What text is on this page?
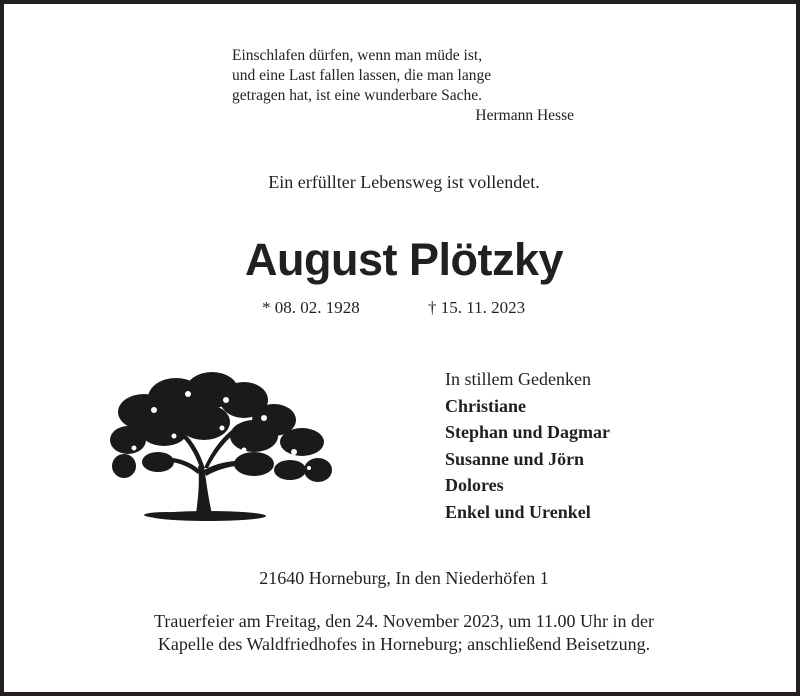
Einschlafen dürfen, wenn man müde ist,
und eine Last fallen lassen, die man lange
getragen hat, ist eine wunderbare Sache.
Hermann Hesse
Ein erfüllter Lebensweg ist vollendet.
August Plötzky
* 08. 02. 1928	† 15. 11. 2023
In stillem Gedenken
Christiane
Stephan und Dagmar
Susanne und Jörn
Dolores
Enkel und Urenkel
21640 Horneburg, In den Niederhöfen 1
Trauerfeier am Freitag, den 24. November 2023, um 11.00 Uhr in der
Kapelle des Waldfriedhofes in Horneburg; anschließend Beisetzung.
